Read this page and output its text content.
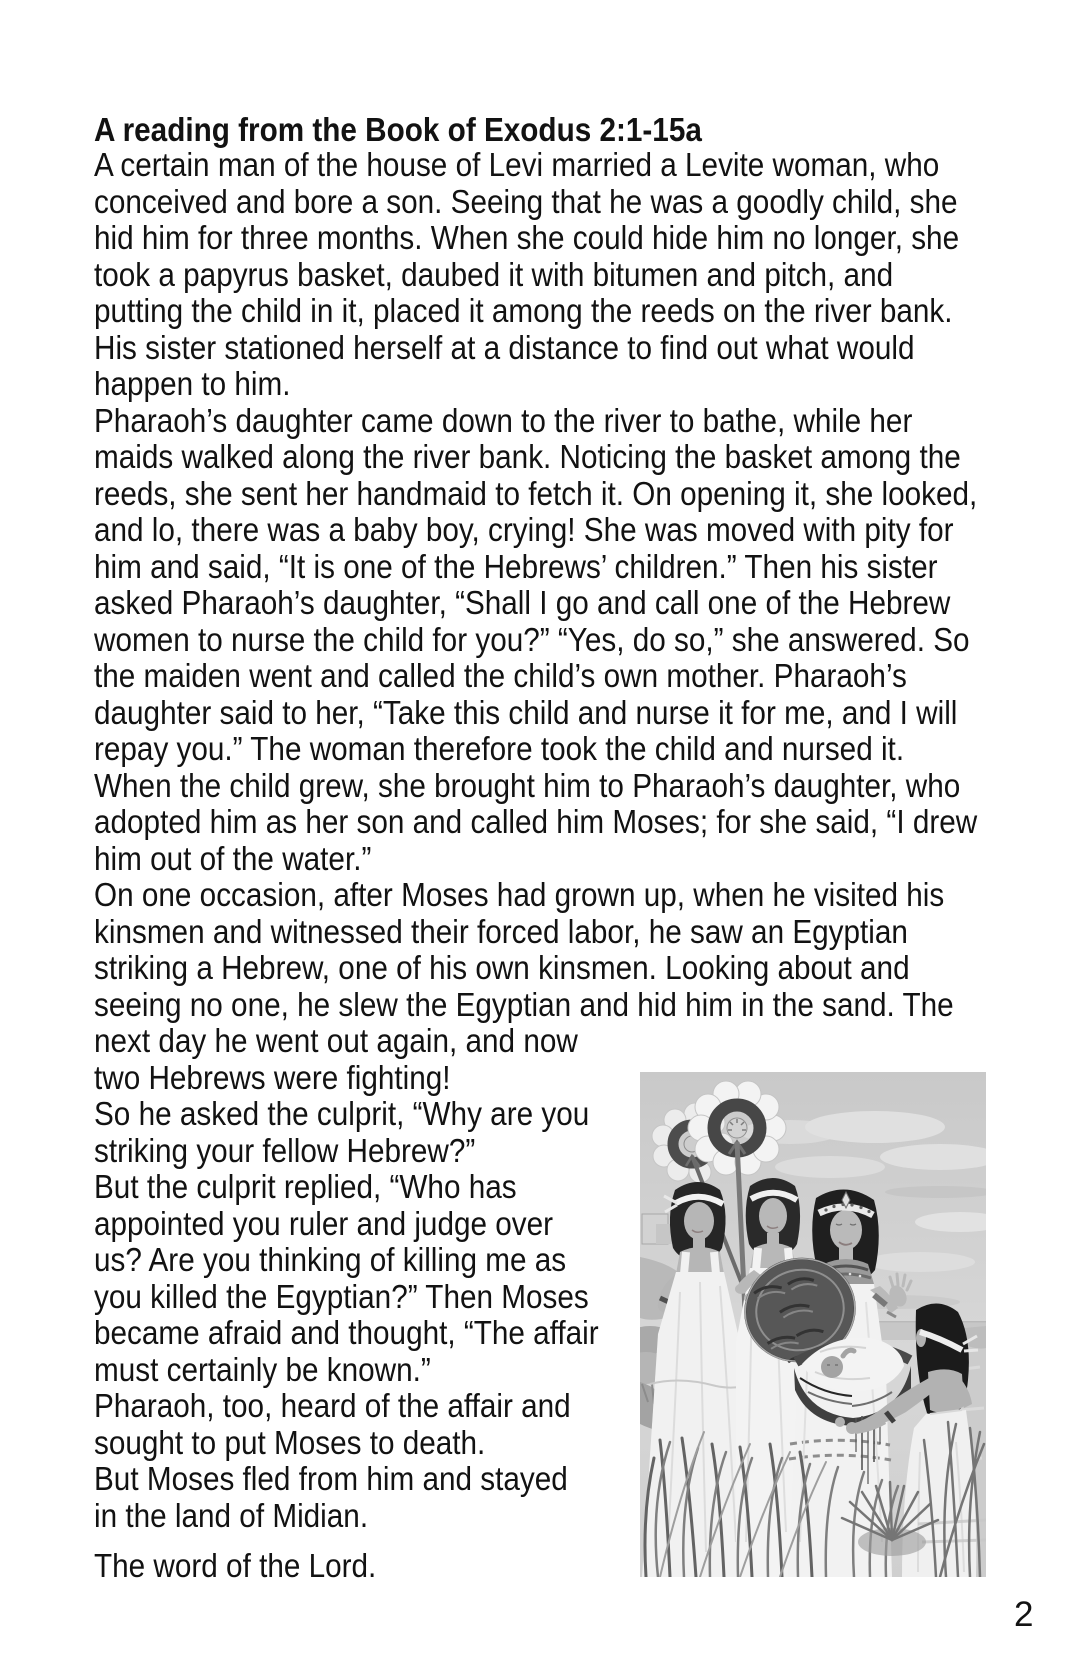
A reading from the Book of Exodus 2:1-15a
A certain man of the house of Levi married a Levite woman, who
conceived and bore a son. Seeing that he was a goodly child, she
hid him for three months. When she could hide him no longer, she
took a papyrus basket, daubed it with bitumen and pitch, and
putting the child in it, placed it among the reeds on the river bank.
His sister stationed herself at a distance to find out what would
happen to him.
Pharaoh’s daughter came down to the river to bathe, while her
maids walked along the river bank. Noticing the basket among the
reeds, she sent her handmaid to fetch it. On opening it, she looked,
and lo, there was a baby boy, crying! She was moved with pity for
him and said, “It is one of the Hebrews’ children.” Then his sister
asked Pharaoh’s daughter, “Shall I go and call one of the Hebrew
women to nurse the child for you?” “Yes, do so,” she answered. So
the maiden went and called the child’s own mother. Pharaoh’s
daughter said to her, “Take this child and nurse it for me, and I will
repay you.” The woman therefore took the child and nursed it.
When the child grew, she brought him to Pharaoh’s daughter, who
adopted him as her son and called him Moses; for she said, “I drew
him out of the water.”
On one occasion, after Moses had grown up, when he visited his
kinsmen and witnessed their forced labor, he saw an Egyptian
striking a Hebrew, one of his own kinsmen. Looking about and
seeing no one, he slew the Egyptian and hid him in the sand. The
next day he went out again, and now
two Hebrews were fighting!
So he asked the culprit, “Why are you
striking your fellow Hebrew?”
But the culprit replied, “Who has
appointed you ruler and judge over
us? Are you thinking of killing me as
you killed the Egyptian?” Then Moses
became afraid and thought, “The affair
must certainly be known.”
Pharaoh, too, heard of the affair and
sought to put Moses to death.
But Moses fled from him and stayed
in the land of Midian.
The word of the Lord.
2
